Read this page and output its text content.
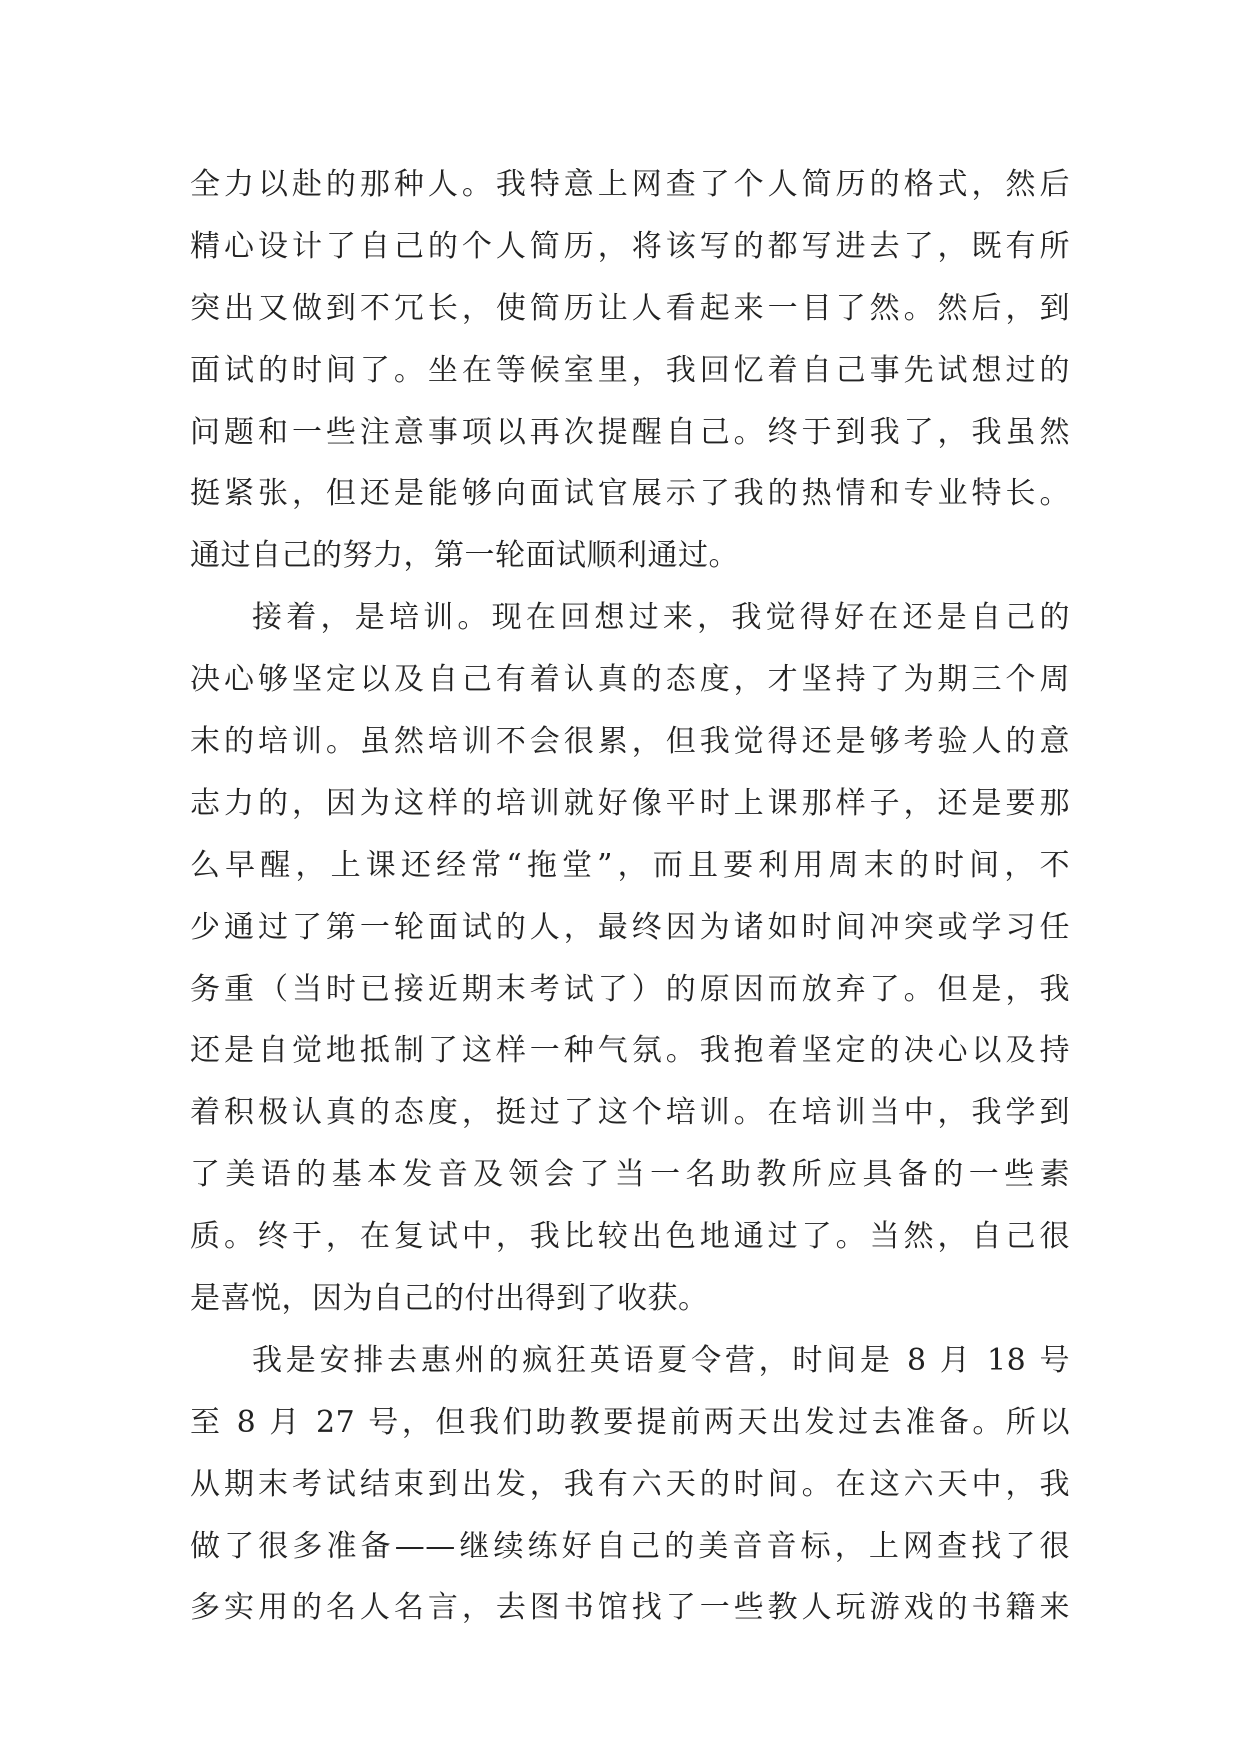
全力以赴的那种人。我特意上网查了个人简历的格式，然后
精心设计了自己的个人简历，将该写的都写进去了，既有所
突出又做到不冗长，使简历让人看起来一目了然。然后，到
面试的时间了。坐在等候室里，我回忆着自己事先试想过的
问题和一些注意事项以再次提醒自己。终于到我了，我虽然
挺紧张，但还是能够向面试官展示了我的热情和专业特长。
通过自己的努力，第一轮面试顺利通过。
接着，是培训。现在回想过来，我觉得好在还是自己的
决心够坚定以及自己有着认真的态度，才坚持了为期三个周
末的培训。虽然培训不会很累，但我觉得还是够考验人的意
志力的，因为这样的培训就好像平时上课那样子，还是要那
么早醒，上课还经常“拖堂”，而且要利用周末的时间，不
少通过了第一轮面试的人，最终因为诸如时间冲突或学习任
务重（当时已接近期末考试了）的原因而放弃了。但是，我
还是自觉地抵制了这样一种气氛。我抱着坚定的决心以及持
着积极认真的态度，挺过了这个培训。在培训当中，我学到
了美语的基本发音及领会了当一名助教所应具备的一些素
质。终于，在复试中，我比较出色地通过了。当然，自己很
是喜悦，因为自己的付出得到了收获。
我是安排去惠州的疯狂英语夏令营，时间是 8 月 18 号
至 8 月 27 号，但我们助教要提前两天出发过去准备。所以
从期末考试结束到出发，我有六天的时间。在这六天中，我
做了很多准备——继续练好自己的美音音标，上网查找了很
多实用的名人名言，去图书馆找了一些教人玩游戏的书籍来
